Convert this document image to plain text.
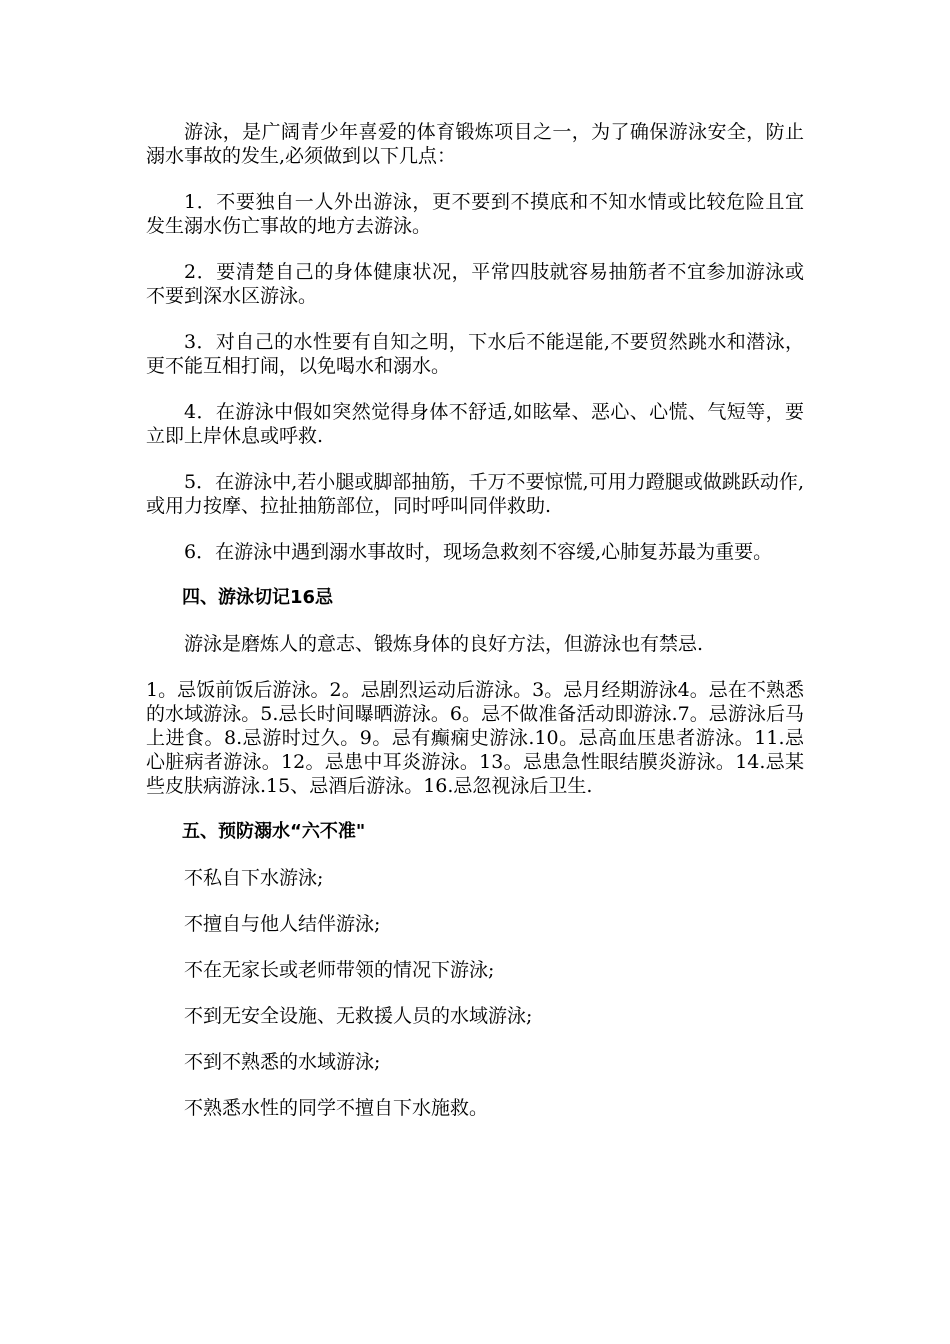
游泳，是广阔青少年喜爱的体育锻炼项目之一，为了确保游泳安全，防止溺水事故的发生,必须做到以下几点：

1．不要独自一人外出游泳，更不要到不摸底和不知水情或比较危险且宜发生溺水伤亡事故的地方去游泳。

2．要清楚自己的身体健康状况，平常四肢就容易抽筋者不宜参加游泳或不要到深水区游泳。

3．对自己的水性要有自知之明，下水后不能逞能,不要贸然跳水和潜泳，更不能互相打闹，以免喝水和溺水。

4．在游泳中假如突然觉得身体不舒适,如眩晕、恶心、心慌、气短等，要立即上岸休息或呼救.

5．在游泳中,若小腿或脚部抽筋，千万不要惊慌,可用力蹬腿或做跳跃动作,或用力按摩、拉扯抽筋部位，同时呼叫同伴救助.

6．在游泳中遇到溺水事故时，现场急救刻不容缓,心肺复苏最为重要。

四、游泳切记16忌

游泳是磨炼人的意志、锻炼身体的良好方法，但游泳也有禁忌.

1。忌饭前饭后游泳。2。忌剧烈运动后游泳。3。忌月经期游泳4。忌在不熟悉的水域游泳。5.忌长时间曝晒游泳。6。忌不做准备活动即游泳.7。忌游泳后马上进食。8.忌游时过久。9。忌有癫痫史游泳.10。忌高血压患者游泳。11.忌心脏病者游泳。12。忌患中耳炎游泳。13。忌患急性眼结膜炎游泳。14.忌某些皮肤病游泳.15、忌酒后游泳。16.忌忽视泳后卫生.

五、预防溺水“六不准"

不私自下水游泳;

不擅自与他人结伴游泳;

不在无家长或老师带领的情况下游泳;

不到无安全设施、无救援人员的水域游泳;

不到不熟悉的水域游泳;

不熟悉水性的同学不擅自下水施救。
